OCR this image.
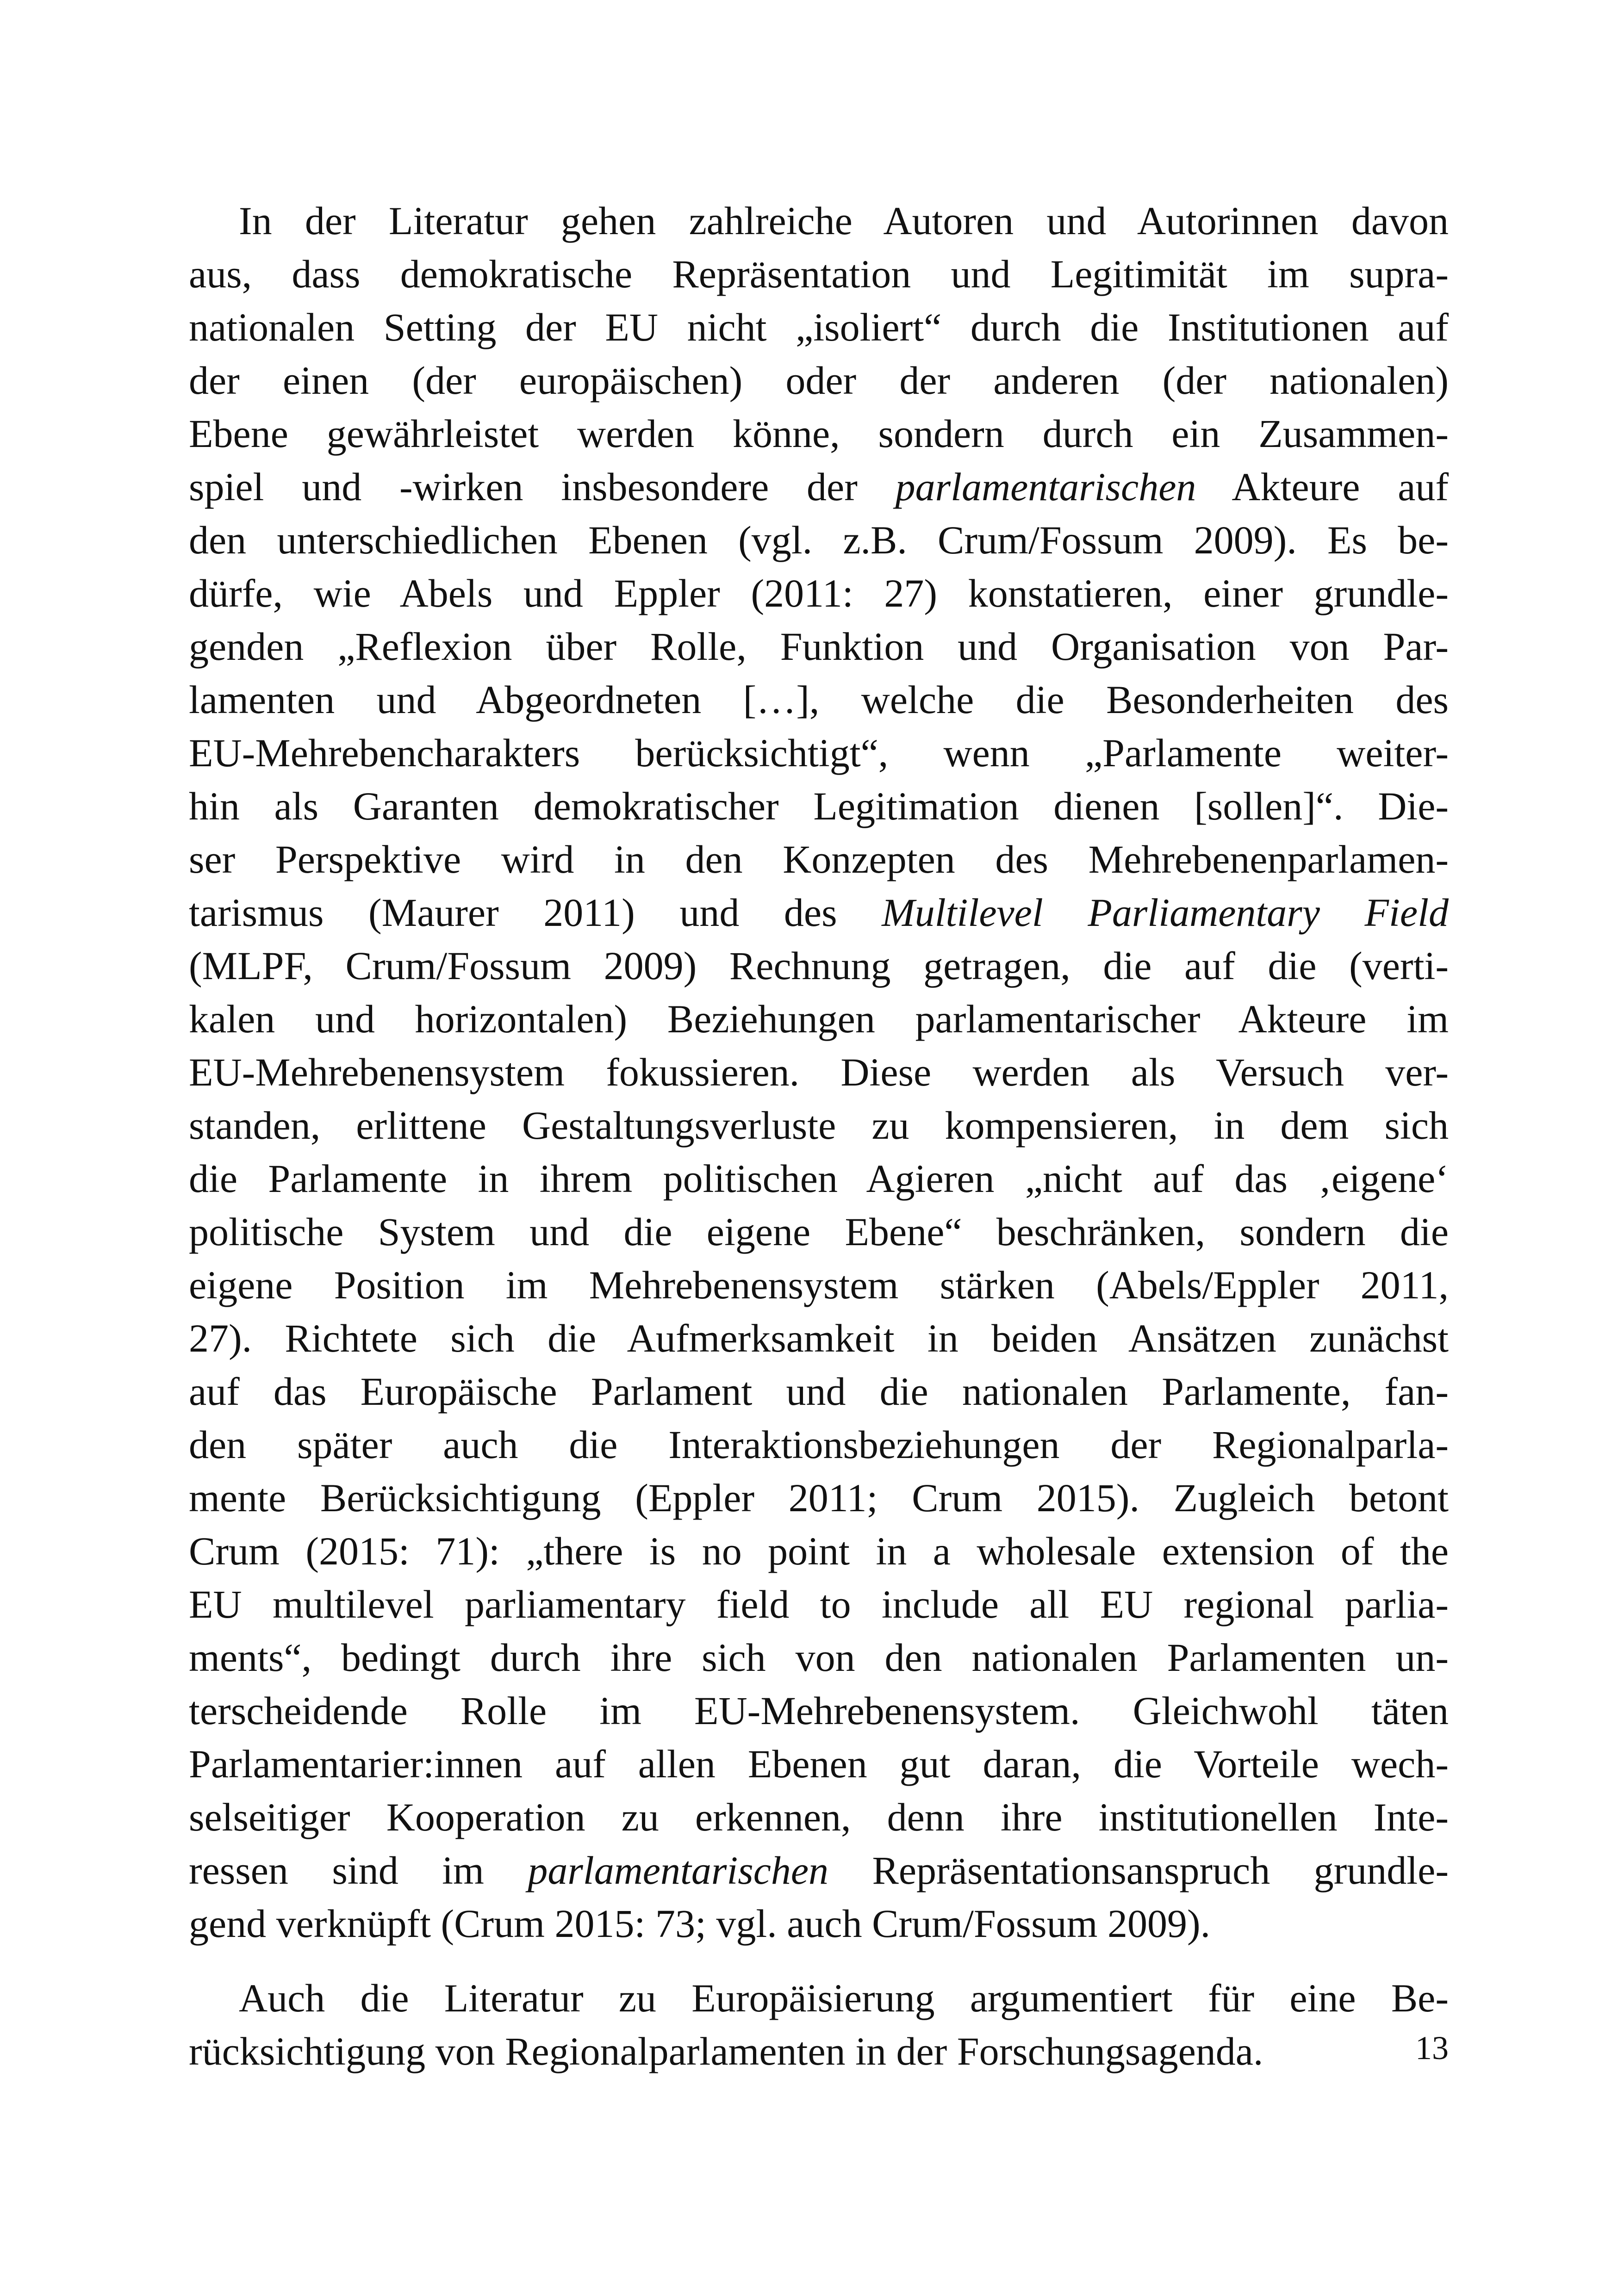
In der Literatur gehen zahlreiche Autoren und Autorinnen davon
aus, dass demokratische Repräsentation und Legitimität im supra-
nationalen Setting der EU nicht „isoliert“ durch die Institutionen auf
der einen (der europäischen) oder der anderen (der nationalen)
Ebene gewährleistet werden könne, sondern durch ein Zusammen-
spiel und -wirken insbesondere der parlamentarischen Akteure auf
den unterschiedlichen Ebenen (vgl. z.B. Crum/Fossum 2009). Es be-
dürfe, wie Abels und Eppler (2011: 27) konstatieren, einer grundle-
genden „Reflexion über Rolle, Funktion und Organisation von Par-
lamenten und Abgeordneten […], welche die Besonderheiten des
EU-Mehrebencharakters berücksichtigt“, wenn „Parlamente weiter-
hin als Garanten demokratischer Legitimation dienen [sollen]“. Die-
ser Perspektive wird in den Konzepten des Mehrebenenparlamen-
tarismus (Maurer 2011) und des Multilevel Parliamentary Field
(MLPF, Crum/Fossum 2009) Rechnung getragen, die auf die (verti-
kalen und horizontalen) Beziehungen parlamentarischer Akteure im
EU-Mehrebenensystem fokussieren. Diese werden als Versuch ver-
standen, erlittene Gestaltungsverluste zu kompensieren, in dem sich
die Parlamente in ihrem politischen Agieren „nicht auf das ‚eigene‘
politische System und die eigene Ebene“ beschränken, sondern die
eigene Position im Mehrebenensystem stärken (Abels/Eppler 2011,
27). Richtete sich die Aufmerksamkeit in beiden Ansätzen zunächst
auf das Europäische Parlament und die nationalen Parlamente, fan-
den später auch die Interaktionsbeziehungen der Regionalparla-
mente Berücksichtigung (Eppler 2011; Crum 2015). Zugleich betont
Crum (2015: 71): „there is no point in a wholesale extension of the
EU multilevel parliamentary field to include all EU regional parlia-
ments“, bedingt durch ihre sich von den nationalen Parlamenten un-
terscheidende Rolle im EU-Mehrebenensystem. Gleichwohl täten
Parlamentarier:innen auf allen Ebenen gut daran, die Vorteile wech-
selseitiger Kooperation zu erkennen, denn ihre institutionellen Inte-
ressen sind im parlamentarischen Repräsentationsanspruch grundle-
gend verknüpft (Crum 2015: 73; vgl. auch Crum/Fossum 2009).
Auch die Literatur zu Europäisierung argumentiert für eine Be-
rücksichtigung von Regionalparlamenten in der Forschungsagenda.	13
